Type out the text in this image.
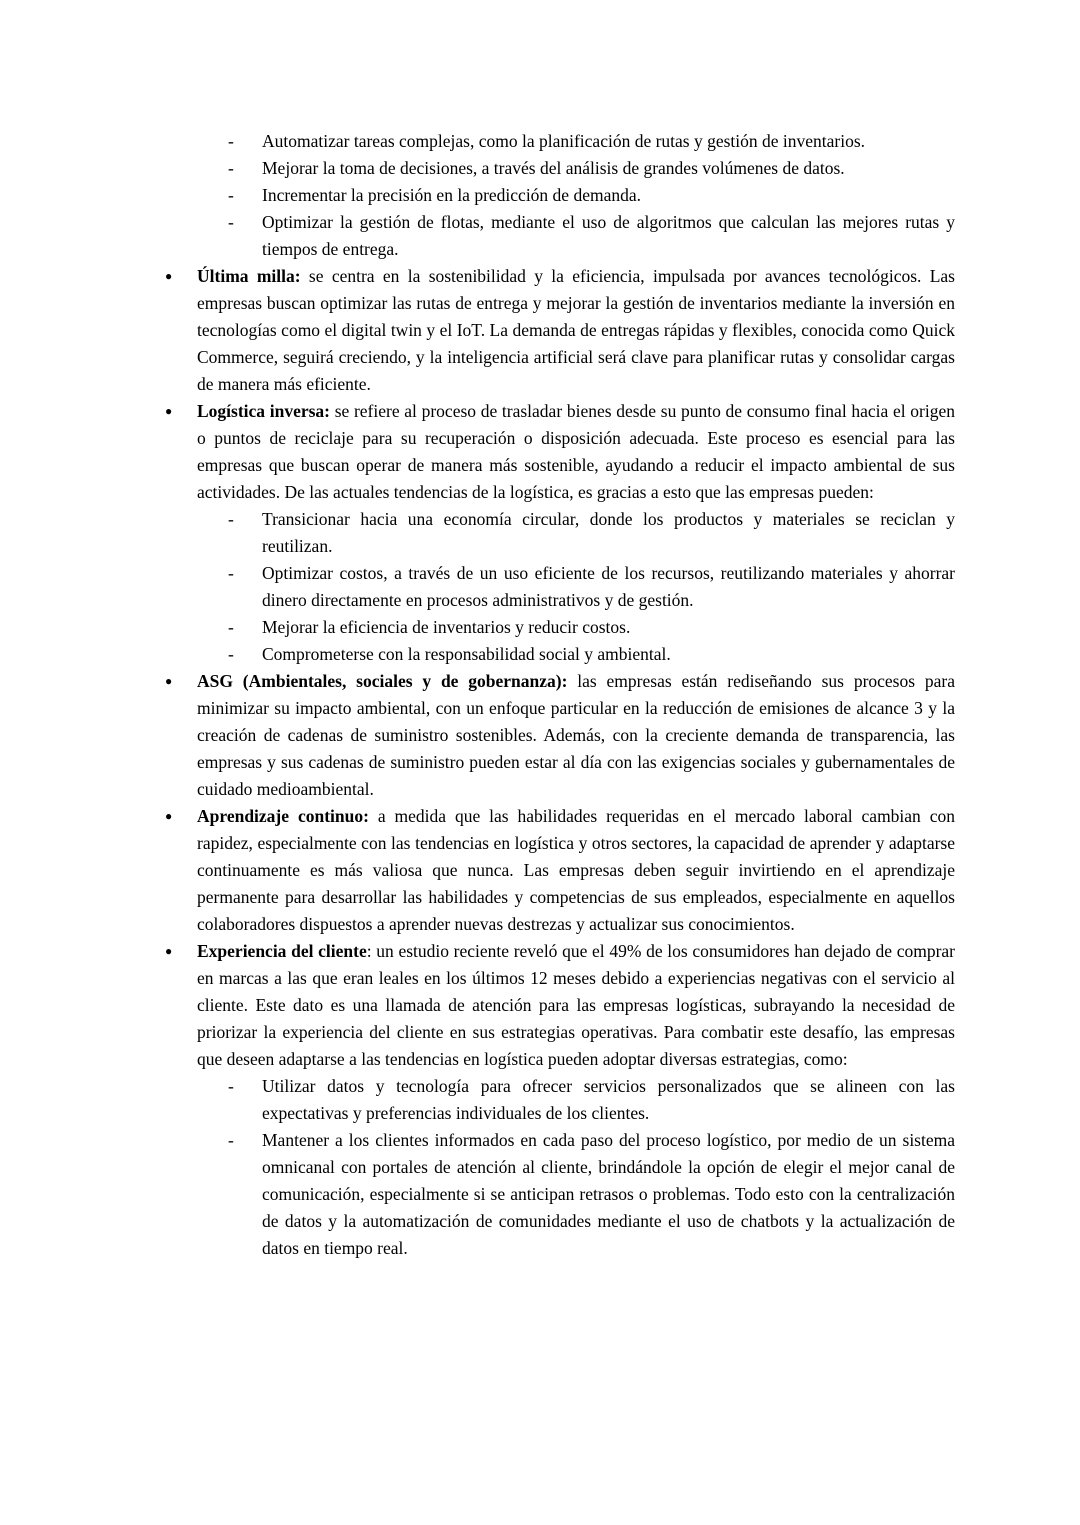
- Automatizar tareas complejas, como la planificación de rutas y gestión de inventarios.
- Mejorar la toma de decisiones, a través del análisis de grandes volúmenes de datos.
- Incrementar la precisión en la predicción de demanda.
- Optimizar la gestión de flotas, mediante el uso de algoritmos que calculan las mejores rutas y tiempos de entrega.
● Última milla: se centra en la sostenibilidad y la eficiencia, impulsada por avances tecnológicos. Las empresas buscan optimizar las rutas de entrega y mejorar la gestión de inventarios mediante la inversión en tecnologías como el digital twin y el IoT. La demanda de entregas rápidas y flexibles, conocida como Quick Commerce, seguirá creciendo, y la inteligencia artificial será clave para planificar rutas y consolidar cargas de manera más eficiente.
● Logística inversa: se refiere al proceso de trasladar bienes desde su punto de consumo final hacia el origen o puntos de reciclaje para su recuperación o disposición adecuada. Este proceso es esencial para las empresas que buscan operar de manera más sostenible, ayudando a reducir el impacto ambiental de sus actividades. De las actuales tendencias de la logística, es gracias a esto que las empresas pueden:
- Transicionar hacia una economía circular, donde los productos y materiales se reciclan y reutilizan.
- Optimizar costos, a través de un uso eficiente de los recursos, reutilizando materiales y ahorrar dinero directamente en procesos administrativos y de gestión.
- Mejorar la eficiencia de inventarios y reducir costos.
- Comprometerse con la responsabilidad social y ambiental.
● ASG (Ambientales, sociales y de gobernanza): las empresas están rediseñando sus procesos para minimizar su impacto ambiental, con un enfoque particular en la reducción de emisiones de alcance 3 y la creación de cadenas de suministro sostenibles. Además, con la creciente demanda de transparencia, las empresas y sus cadenas de suministro pueden estar al día con las exigencias sociales y gubernamentales de cuidado medioambiental.
● Aprendizaje continuo: a medida que las habilidades requeridas en el mercado laboral cambian con rapidez, especialmente con las tendencias en logística y otros sectores, la capacidad de aprender y adaptarse continuamente es más valiosa que nunca. Las empresas deben seguir invirtiendo en el aprendizaje permanente para desarrollar las habilidades y competencias de sus empleados, especialmente en aquellos colaboradores dispuestos a aprender nuevas destrezas y actualizar sus conocimientos.
● Experiencia del cliente: un estudio reciente reveló que el 49% de los consumidores han dejado de comprar en marcas a las que eran leales en los últimos 12 meses debido a experiencias negativas con el servicio al cliente. Este dato es una llamada de atención para las empresas logísticas, subrayando la necesidad de priorizar la experiencia del cliente en sus estrategias operativas. Para combatir este desafío, las empresas que deseen adaptarse a las tendencias en logística pueden adoptar diversas estrategias, como:
- Utilizar datos y tecnología para ofrecer servicios personalizados que se alineen con las expectativas y preferencias individuales de los clientes.
- Mantener a los clientes informados en cada paso del proceso logístico, por medio de un sistema omnicanal con portales de atención al cliente, brindándole la opción de elegir el mejor canal de comunicación, especialmente si se anticipan retrasos o problemas. Todo esto con la centralización de datos y la automatización de comunidades mediante el uso de chatbots y la actualización de datos en tiempo real.
